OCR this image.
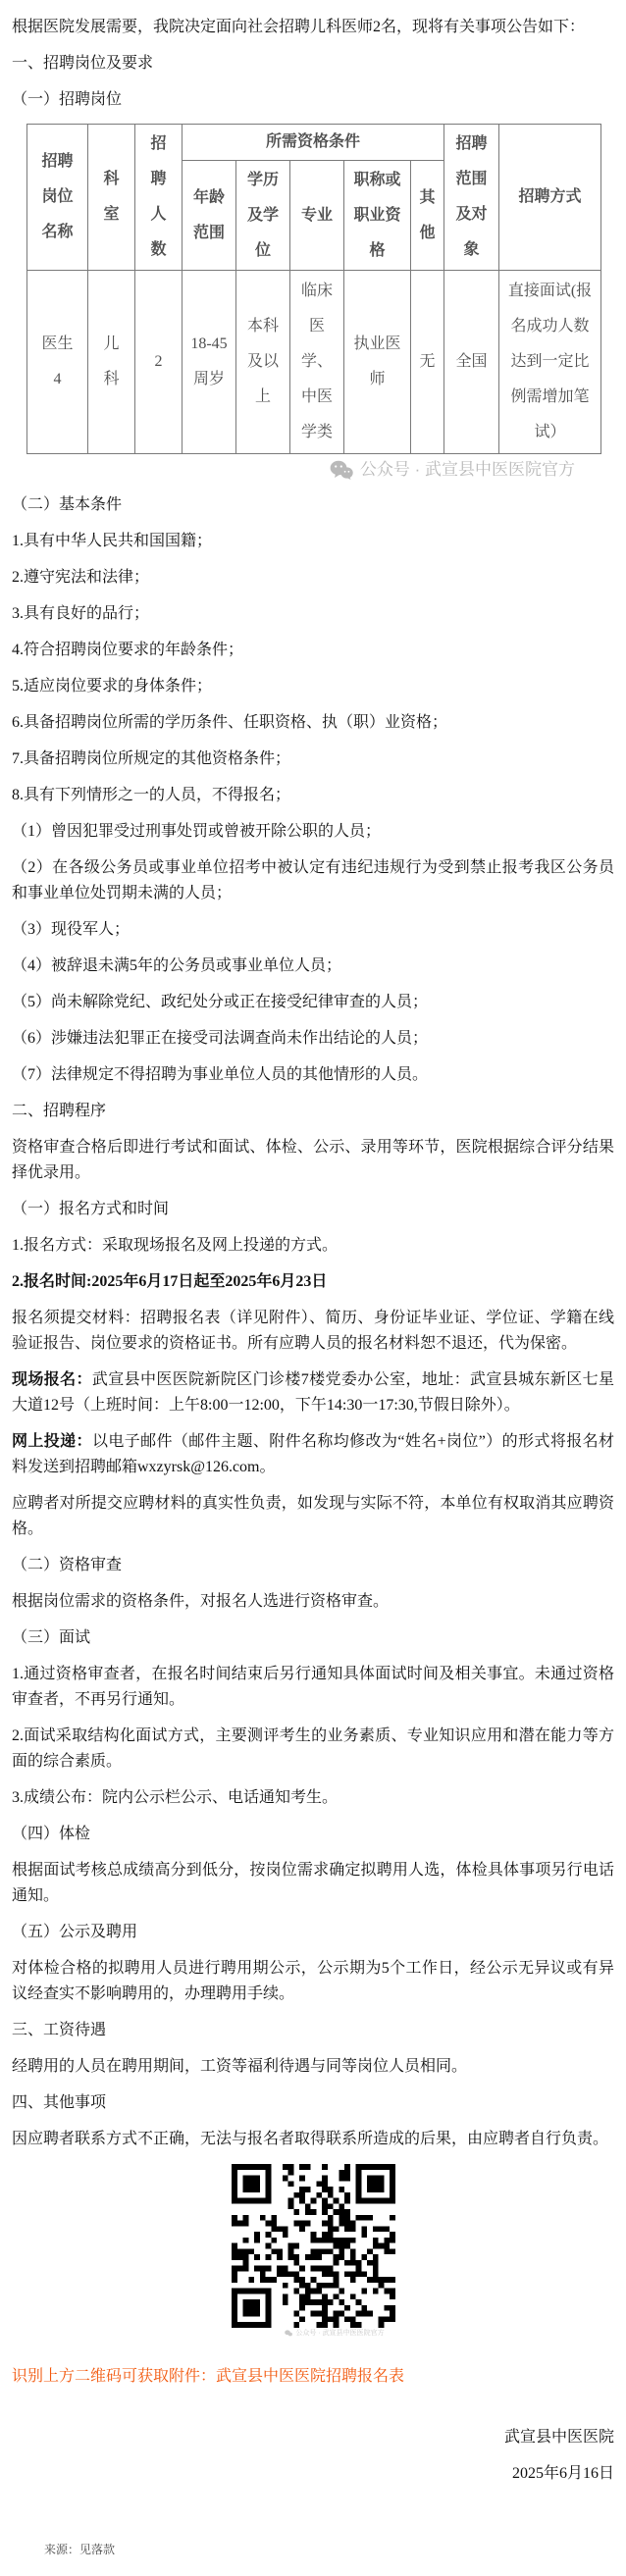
根据医院发展需要，我院决定面向社会招聘儿科医师2名，现将有关事项公告如下：

一、招聘岗位及要求

（一）招聘岗位

招聘岗位名称	科室	招聘人数	所需资格条件					招聘范围及对象	招聘方式
			年龄范围	学历及学位	专业	职称或职业资格	其他		
医生4	儿科	2	18-45周岁	本科及以上	临床医学、中医学类	执业医师	无	全国	直接面试(报名成功人数达到一定比例需增加笔试）
公众号 · 武宣县中医医院官方

（二）基本条件

1.具有中华人民共和国国籍；

2.遵守宪法和法律；

3.具有良好的品行；

4.符合招聘岗位要求的年龄条件；

5.适应岗位要求的身体条件；

6.具备招聘岗位所需的学历条件、任职资格、执（职）业资格；

7.具备招聘岗位所规定的其他资格条件；

8.具有下列情形之一的人员，不得报名；

（1）曾因犯罪受过刑事处罚或曾被开除公职的人员；

（2）在各级公务员或事业单位招考中被认定有违纪违规行为受到禁止报考我区公务员和事业单位处罚期未满的人员；

（3）现役军人；

（4）被辞退未满5年的公务员或事业单位人员；

（5）尚未解除党纪、政纪处分或正在接受纪律审查的人员；

（6）涉嫌违法犯罪正在接受司法调查尚未作出结论的人员；

（7）法律规定不得招聘为事业单位人员的其他情形的人员。

二、招聘程序

资格审查合格后即进行考试和面试、体检、公示、录用等环节，医院根据综合评分结果择优录用。

（一）报名方式和时间

1.报名方式：采取现场报名及网上投递的方式。

2.报名时间:2025年6月17日起至2025年6月23日

报名须提交材料：招聘报名表（详见附件）、简历、身份证毕业证、学位证、学籍在线验证报告、岗位要求的资格证书。所有应聘人员的报名材料恕不退还，代为保密。

现场报名：武宣县中医医院新院区门诊楼7楼党委办公室，地址：武宣县城东新区七星大道12号（上班时间：上午8:00一12:00，下午14:30一17:30,节假日除外）。

网上投递：以电子邮件（邮件主题、附件名称均修改为“姓名+岗位”）的形式将报名材料发送到招聘邮箱wxzyrsk@126.com。

应聘者对所提交应聘材料的真实性负责，如发现与实际不符，本单位有权取消其应聘资格。

（二）资格审查

根据岗位需求的资格条件，对报名人选进行资格审查。

（三）面试

1.通过资格审查者，在报名时间结束后另行通知具体面试时间及相关事宜。未通过资格审查者，不再另行通知。

2.面试采取结构化面试方式，主要测评考生的业务素质、专业知识应用和潜在能力等方面的综合素质。

3.成绩公布：院内公示栏公示、电话通知考生。

（四）体检

根据面试考核总成绩高分到低分，按岗位需求确定拟聘用人选，体检具体事项另行电话通知。

（五）公示及聘用

对体检合格的拟聘用人员进行聘用期公示，公示期为5个工作日，经公示无异议或有异议经查实不影响聘用的，办理聘用手续。

三、工资待遇

经聘用的人员在聘用期间，工资等福利待遇与同等岗位人员相同。

四、其他事项

因应聘者联系方式不正确，无法与报名者取得联系所造成的后果，由应聘者自行负责。

公众号 · 武宣县中医医院官方

识别上方二维码可获取附件：武宣县中医医院招聘报名表

武宣县中医医院

2025年6月16日

来源：见落款
